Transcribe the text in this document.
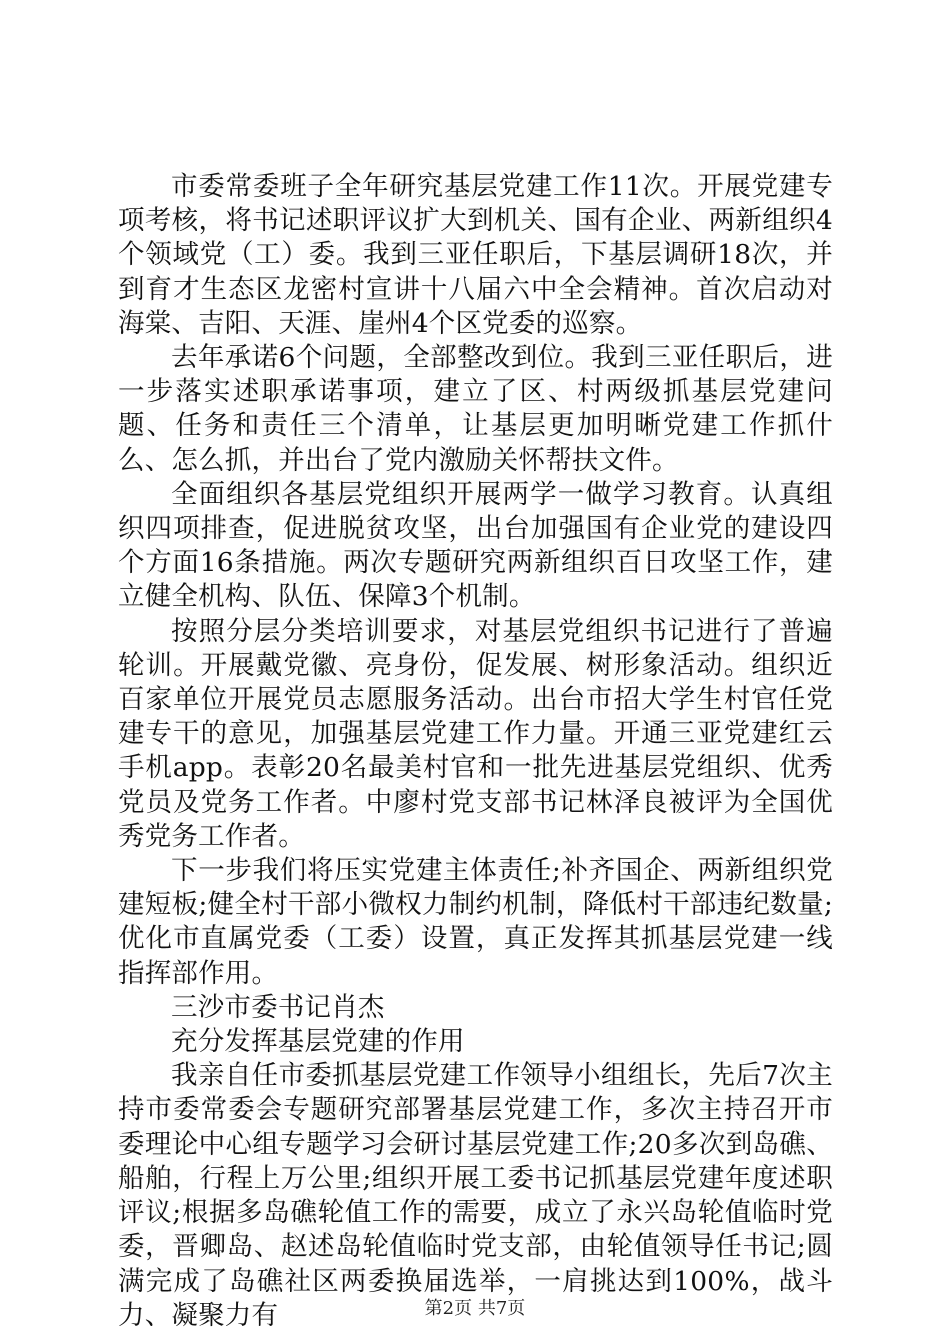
市委常委班子全年研究基层党建工作11次。开展党建专项考核，将书记述职评议扩大到机关、国有企业、两新组织4个领域党（工）委。我到三亚任职后，下基层调研18次，并到育才生态区龙密村宣讲十八届六中全会精神。首次启动对海棠、吉阳、天涯、崖州4个区党委的巡察。

去年承诺6个问题，全部整改到位。我到三亚任职后，进一步落实述职承诺事项，建立了区、村两级抓基层党建问题、任务和责任三个清单，让基层更加明晰党建工作抓什么、怎么抓，并出台了党内激励关怀帮扶文件。

全面组织各基层党组织开展两学一做学习教育。认真组织四项排查，促进脱贫攻坚，出台加强国有企业党的建设四个方面16条措施。两次专题研究两新组织百日攻坚工作，建立健全机构、队伍、保障3个机制。

按照分层分类培训要求，对基层党组织书记进行了普遍轮训。开展戴党徽、亮身份，促发展、树形象活动。组织近百家单位开展党员志愿服务活动。出台市招大学生村官任党建专干的意见，加强基层党建工作力量。开通三亚党建红云手机app。表彰20名最美村官和一批先进基层党组织、优秀党员及党务工作者。中廖村党支部书记林泽良被评为全国优秀党务工作者。

下一步我们将压实党建主体责任;补齐国企、两新组织党建短板;健全村干部小微权力制约机制，降低村干部违纪数量;优化市直属党委（工委）设置，真正发挥其抓基层党建一线指挥部作用。

三沙市委书记肖杰

充分发挥基层党建的作用

我亲自任市委抓基层党建工作领导小组组长，先后7次主持市委常委会专题研究部署基层党建工作，多次主持召开市委理论中心组专题学习会研讨基层党建工作;20多次到岛礁、船舶，行程上万公里;组织开展工委书记抓基层党建年度述职评议;根据多岛礁轮值工作的需要，成立了永兴岛轮值临时党委，晋卿岛、赵述岛轮值临时党支部，由轮值领导任书记;圆满完成了岛礁社区两委换届选举，一肩挑达到100%，战斗力、凝聚力有	第2页 共7页
